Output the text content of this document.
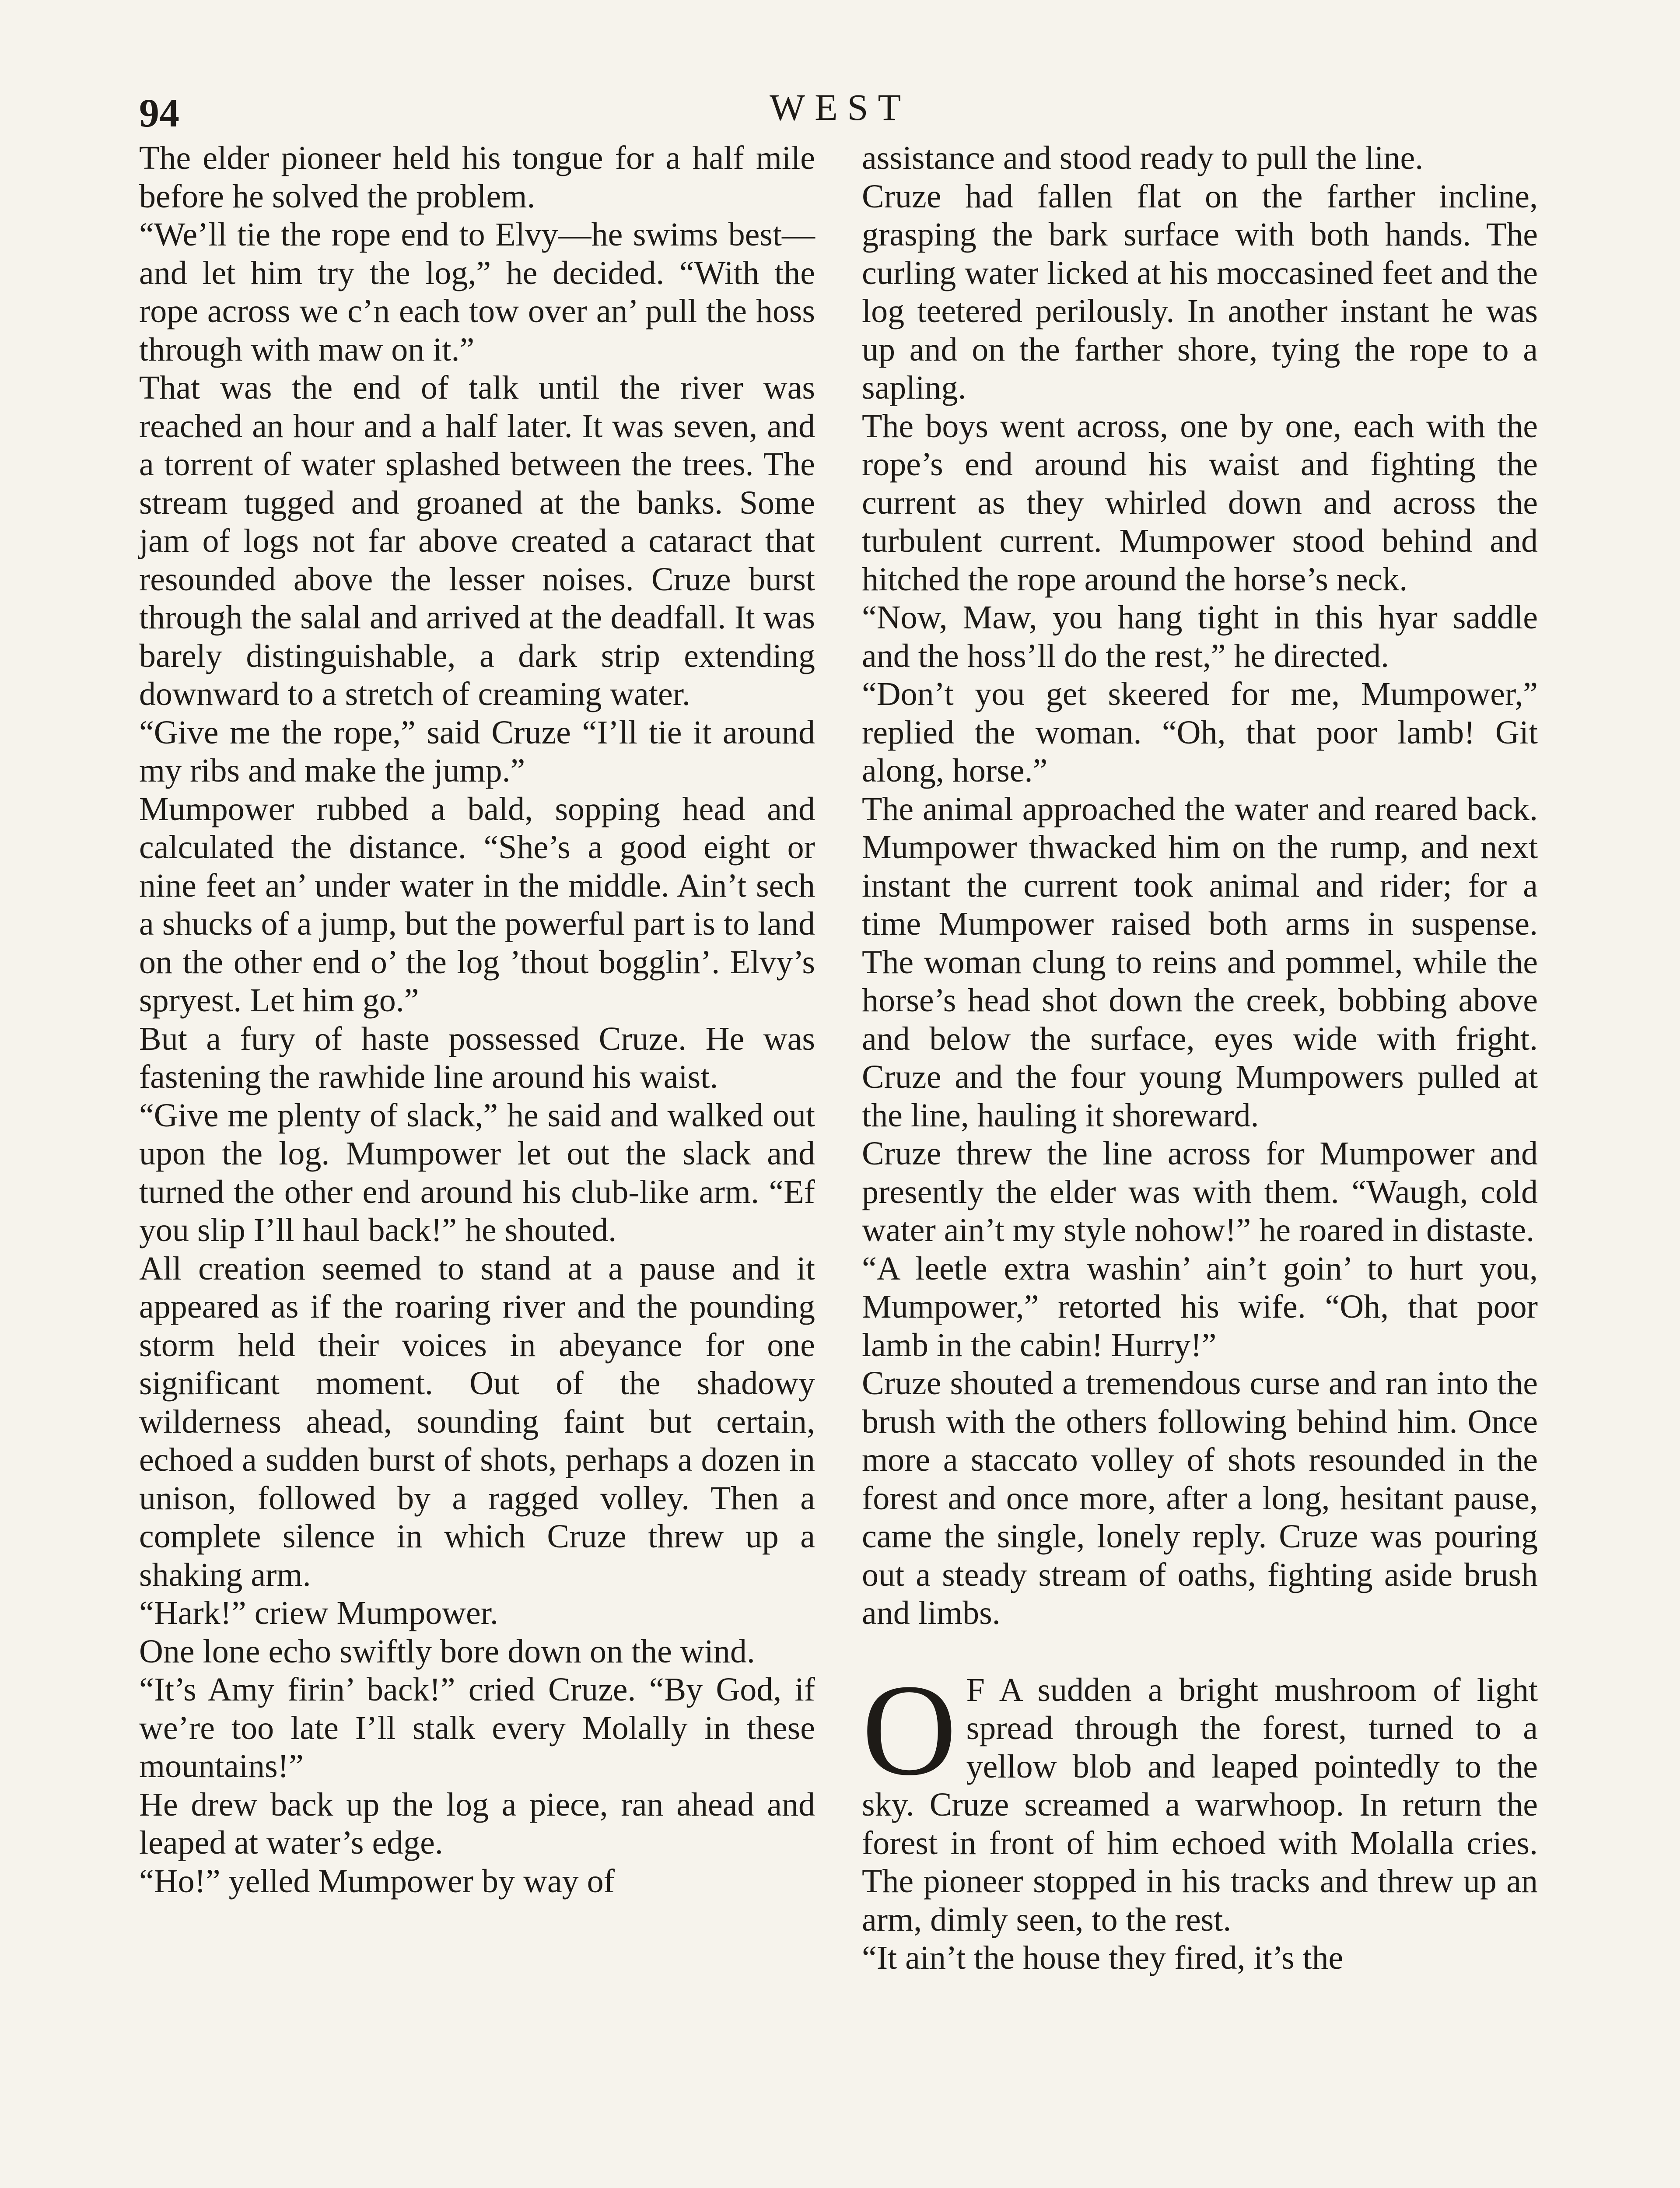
94	WEST

The elder pioneer held his tongue for a half mile before he solved the problem.

“We’ll tie the rope end to Elvy—he swims best—and let him try the log,” he decided. “With the rope across we c’n each tow over an’ pull the hoss through with maw on it.”

That was the end of talk until the river was reached an hour and a half later. It was seven, and a torrent of water splashed between the trees. The stream tugged and groaned at the banks. Some jam of logs not far above created a cataract that resounded above the lesser noises. Cruze burst through the salal and arrived at the deadfall. It was barely distinguishable, a dark strip extending downward to a stretch of creaming water.

“Give me the rope,” said Cruze “I’ll tie it around my ribs and make the jump.”

Mumpower rubbed a bald, sopping head and calculated the distance. “She’s a good eight or nine feet an’ under water in the middle. Ain’t sech a shucks of a jump, but the powerful part is to land on the other end o’ the log ’thout bogglin’. Elvy’s spryest. Let him go.”

But a fury of haste possessed Cruze. He was fastening the rawhide line around his waist.

“Give me plenty of slack,” he said and walked out upon the log. Mumpower let out the slack and turned the other end around his club-like arm. “Ef you slip I’ll haul back!” he shouted.

All creation seemed to stand at a pause and it appeared as if the roaring river and the pounding storm held their voices in abeyance for one significant moment. Out of the shadowy wilderness ahead, sounding faint but certain, echoed a sudden burst of shots, perhaps a dozen in unison, followed by a ragged volley. Then a complete silence in which Cruze threw up a shaking arm.

“Hark!” criew Mumpower.

One lone echo swiftly bore down on the wind.

“It’s Amy firin’ back!” cried Cruze. “By God, if we’re too late I’ll stalk every Molally in these mountains!”

He drew back up the log a piece, ran ahead and leaped at water’s edge.

“Ho!” yelled Mumpower by way of

assistance and stood ready to pull the line.

Cruze had fallen flat on the farther incline, grasping the bark surface with both hands. The curling water licked at his moccasined feet and the log teetered perilously. In another instant he was up and on the farther shore, tying the rope to a sapling.

The boys went across, one by one, each with the rope’s end around his waist and fighting the current as they whirled down and across the turbulent current. Mumpower stood behind and hitched the rope around the horse’s neck.

“Now, Maw, you hang tight in this hyar saddle and the hoss’ll do the rest,” he directed.

“Don’t you get skeered for me, Mumpower,” replied the woman. “Oh, that poor lamb! Git along, horse.”

The animal approached the water and reared back. Mumpower thwacked him on the rump, and next instant the current took animal and rider; for a time Mumpower raised both arms in suspense. The woman clung to reins and pommel, while the horse’s head shot down the creek, bobbing above and below the surface, eyes wide with fright. Cruze and the four young Mumpowers pulled at the line, hauling it shoreward.

Cruze threw the line across for Mumpower and presently the elder was with them. “Waugh, cold water ain’t my style nohow!” he roared in distaste.

“A leetle extra washin’ ain’t goin’ to hurt you, Mumpower,” retorted his wife. “Oh, that poor lamb in the cabin! Hurry!”

Cruze shouted a tremendous curse and ran into the brush with the others following behind him. Once more a staccato volley of shots resounded in the forest and once more, after a long, hesitant pause, came the single, lonely reply. Cruze was pouring out a steady stream of oaths, fighting aside brush and limbs.

O F A sudden a bright mushroom of light spread through the forest, turned to a yellow blob and leaped pointedly to the sky. Cruze screamed a warwhoop. In return the forest in front of him echoed with Molalla cries. The pioneer stopped in his tracks and threw up an arm, dimly seen, to the rest.

“It ain’t the house they fired, it’s the
